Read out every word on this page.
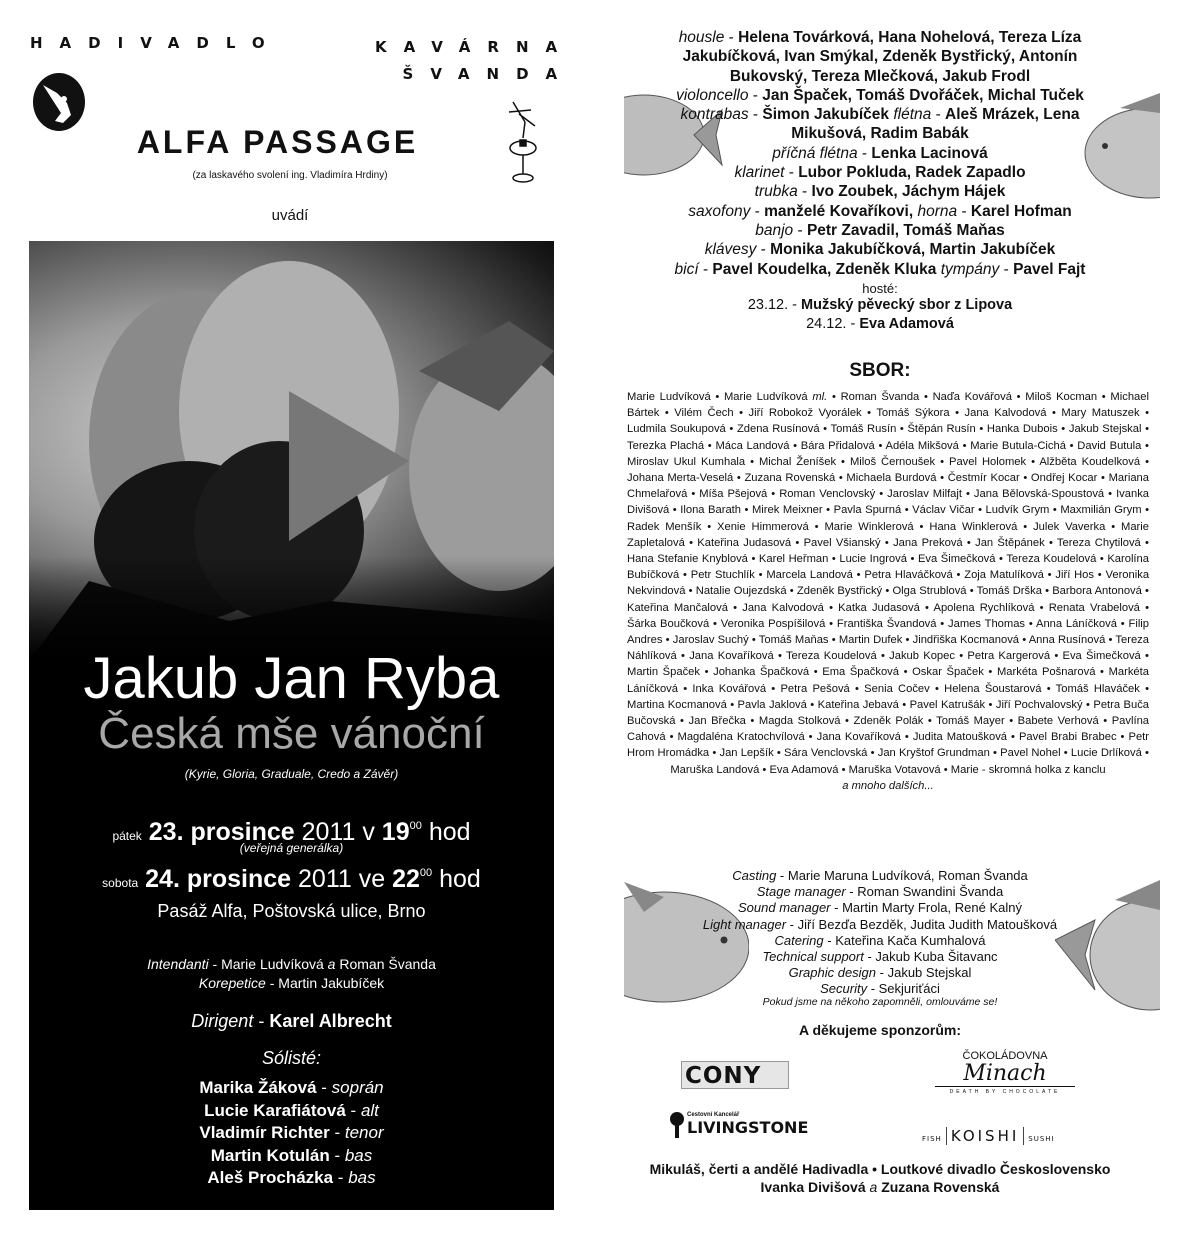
HADIVADLO	KAVÁRNA
ŠVANDA
ALFA PASSAGE
(za laskavého svolení ing. Vladimíra Hrdiny)
uvádí
Jakub Jan Ryba
Česká mše vánoční
(Kyrie, Gloria, Graduale, Credo a Závěr)
pátek 23. prosince 2011 v $19^{00}$ hod
(veřejná generálka)
sobota 24. prosince 2011 ve $22^{00}$ hod
Pasáž Alfa, Poštovská ulice, Brno
Intendanti - Marie Ludvíková a Roman Švanda
Korepetice - Martin Jakubíček
Dirigent - Karel Albrecht
Sólisté:
Marika Žáková - soprán
Lucie Karafiátová - alt
Vladimír Richter - tenor
Martin Kotulán - bas
Aleš Procházka - bas
housle - Helena Továrková, Hana Nohelová, Tereza Líza Jakubíčková, Ivan Smýkal, Zdeněk Bystřický, Antonín Bukovský, Tereza Mlečková, Jakub Frodl
violoncello - Jan Špaček, Tomáš Dvořáček, Michal Tuček
kontrabas - Šimon Jakubíček flétna - Aleš Mrázek, Lena Mikušová, Radim Babák
příčná flétna - Lenka Lacinová
klarinet - Lubor Pokluda, Radek Zapadlo
trubka - Ivo Zoubek, Jáchym Hájek
saxofony - manželé Kovaříkovi, horna - Karel Hofman
banjo - Petr Zavadil, Tomáš Maňas
klávesy - Monika Jakubíčková, Martin Jakubíček
bicí - Pavel Koudelka, Zdeněk Kluka tympány - Pavel Fajt
hosté:
23.12. - Mužský pěvecký sbor z Lipova
24.12. - Eva Adamová
SBOR:
Marie Ludvíková • Marie Ludvíková ml. • Roman Švanda • Naďa Kovářová • Miloš Kocman • Michael Bártek • Vilém Čech • Jiří Robokož Vyorálek • Tomáš Sýkora • Jana Kalvodová • Mary Matuszek • Ludmila Soukupová • Zdena Rusínová • Tomáš Rusín • Štěpán Rusín • Hanka Dubois • Jakub Stejskal • Terezka Plachá • Máca Landová • Bára Přidalová • Adéla Mikšová • Marie Butula-Cichá • David Butula • Miroslav Ukul Kumhala • Michal Ženíšek • Miloš Černoušek • Pavel Holomek • Alžběta Koudelková • Johana Merta-Veselá • Zuzana Rovenská • Michaela Burdová • Čestmír Kocar • Ondřej Kocar • Mariana Chmelařová • Míša Pšejová • Roman Venclovský • Jaroslav Milfajt • Jana Bělovská-Spoustová • Ivanka Divišová • Ilona Barath • Mirek Meixner • Pavla Spurná • Václav Vičar • Ludvík Grym • Maxmilián Grym • Radek Menšík • Xenie Himmerová • Marie Winklerová • Hana Winklerová • Julek Vaverka • Marie Zapletalová • Kateřina Judasová • Pavel Všianský • Jana Preková • Jan Štěpánek • Tereza Chytilová • Hana Stefanie Knyblová • Karel Heřman • Lucie Ingrová • Eva Šimečková • Tereza Koudelová • Karolína Bubíčková • Petr Stuchlík • Marcela Landová • Petra Hlaváčková • Zoja Matulíková • Jiří Hos • Veronika Nekvindová • Natalie Oujezdská • Zdeněk Bystřický • Olga Strublová • Tomáš Drška • Barbora Antonová • Kateřina Mančalová • Jana Kalvodová • Katka Judasová • Apolena Rychlíková • Renata Vrabelová • Šárka Boučková • Veronika Pospíšilová • Františka Švandová • James Thomas • Anna Láníčková • Filip Andres • Jaroslav Suchý • Tomáš Maňas • Martin Dufek • Jindřiška Kocmanová • Anna Rusínová • Tereza Náhlíková • Jana Kovaříková • Tereza Koudelová • Jakub Kopec • Petra Kargerová • Eva Šimečková • Martin Špaček • Johanka Špačková • Ema Špačková • Oskar Špaček • Markéta Pošnarová • Markéta Láníčková • Inka Kovářová • Petra Pešová • Senia Cočev • Helena Šoustarová • Tomáš Hlaváček • Martina Kocmanová • Pavla Jaklová • Kateřina Jebavá • Pavel Katrušák • Jiří Pochvalovský • Petra Buča Bučovská • Jan Břečka • Magda Stolková • Zdeněk Polák • Tomáš Mayer • Babete Verhová • Pavlína Cahová • Magdaléna Kratochvílová • Jana Kovaříková • Judita Matoušková • Pavel Brabi Brabec • Petr Hrom Hromádka • Jan Lepšík • Sára Venclovská • Jan Kryštof Grundman • Pavel Nohel • Lucie Drlíková • Maruška Landová • Eva Adamová • Maruška Votavová • Marie - skromná holka z kanclu
a mnoho dalších...
Casting - Marie Maruna Ludvíková, Roman Švanda
Stage manager - Roman Swandini Švanda
Sound manager - Martin Marty Frola, René Kalný
Light manager - Jiří Bezďa Bezděk, Judita Judith Matoušková
Catering - Kateřina Kača Kumhalová
Technical support - Jakub Kuba Šitavanc
Graphic design - Jakub Stejskal
Security - Sekjuriťáci
Pokud jsme na někoho zapomněli, omlouváme se!
A děkujeme sponzorům:
CONY
ČOKOLÁDOVNA
Minach
DEATH BY CHOCOLATE
Cestovní Kancelář
LIVINGSTONE
FISH KOISHI SUSHI
Mikuláš, čerti a andělé Hadivadla • Loutkové divadlo Československo
Ivanka Divišová a Zuzana Rovenská
